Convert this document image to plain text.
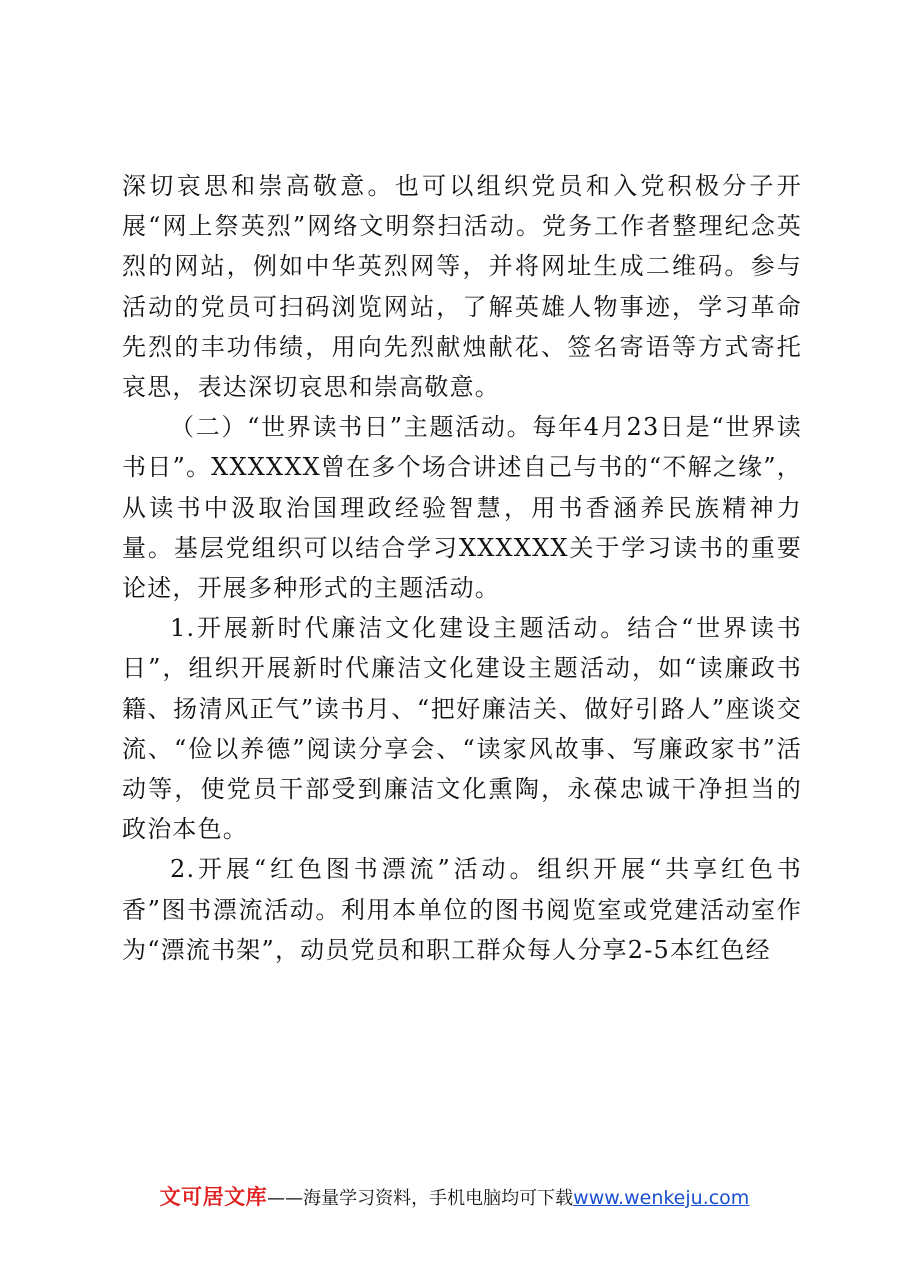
深切哀思和崇高敬意。也可以组织党员和入党积极分子开展“网上祭英烈”网络文明祭扫活动。党务工作者整理纪念英烈的网站，例如中华英烈网等，并将网址生成二维码。参与活动的党员可扫码浏览网站，了解英雄人物事迹，学习革命先烈的丰功伟绩，用向先烈献烛献花、签名寄语等方式寄托哀思，表达深切哀思和崇高敬意。

（二）“世界读书日”主题活动。每年4月23日是“世界读书日”。XXXXXX曾在多个场合讲述自己与书的“不解之缘”，从读书中汲取治国理政经验智慧，用书香涵养民族精神力量。基层党组织可以结合学习XXXXXX关于学习读书的重要论述，开展多种形式的主题活动。

1.开展新时代廉洁文化建设主题活动。结合“世界读书日”，组织开展新时代廉洁文化建设主题活动，如“读廉政书籍、扬清风正气”读书月、“把好廉洁关、做好引路人”座谈交流、“俭以养德”阅读分享会、“读家风故事、写廉政家书”活动等，使党员干部受到廉洁文化熏陶，永葆忠诚干净担当的政治本色。

2.开展“红色图书漂流”活动。组织开展“共享红色书香”图书漂流活动。利用本单位的图书阅览室或党建活动室作为“漂流书架”，动员党员和职工群众每人分享2-5本红色经

文可居文库——海量学习资料，手机电脑均可下载www.wenkeju.com
